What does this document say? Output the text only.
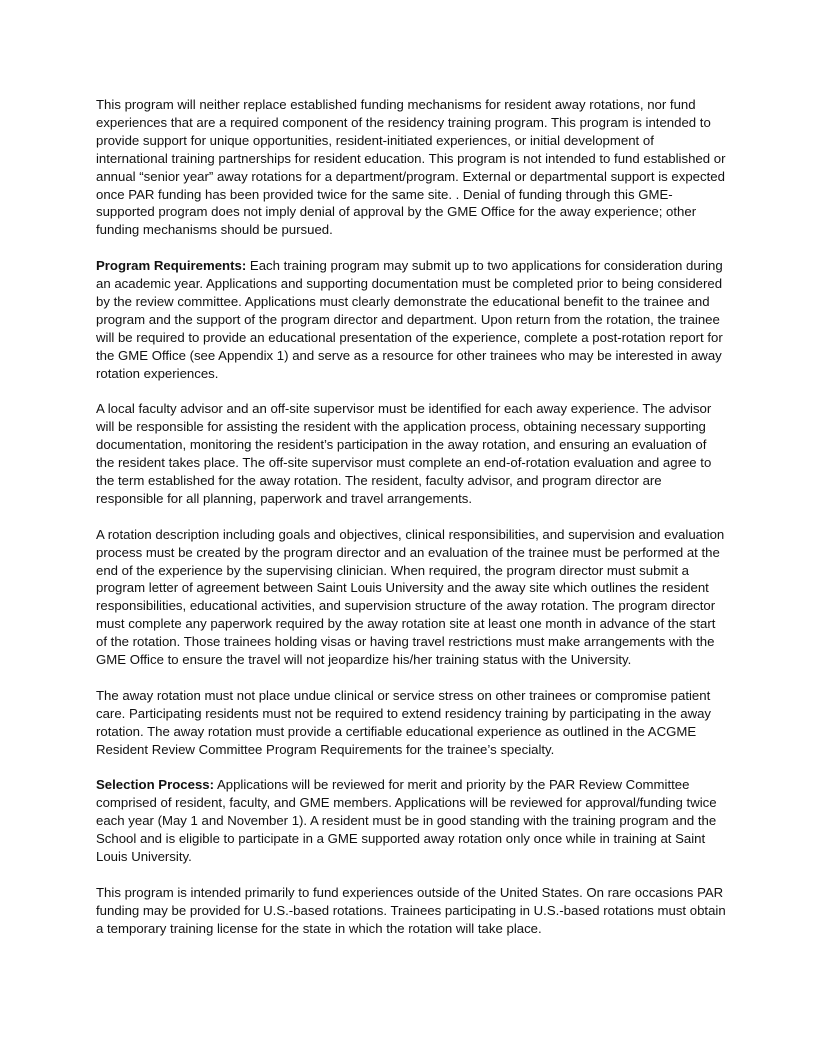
This program will neither replace established funding mechanisms for resident away rotations, nor fund experiences that are a required component of the residency training program. This program is intended to provide support for unique opportunities, resident-initiated experiences, or initial development of international training partnerships for resident education. This program is not intended to fund established or annual “senior year” away rotations for a department/program. External or departmental support is expected once PAR funding has been provided twice for the same site. . Denial of funding through this GME-supported program does not imply denial of approval by the GME Office for the away experience; other funding mechanisms should be pursued.

Program Requirements: Each training program may submit up to two applications for consideration during an academic year. Applications and supporting documentation must be completed prior to being considered by the review committee. Applications must clearly demonstrate the educational benefit to the trainee and program and the support of the program director and department. Upon return from the rotation, the trainee will be required to provide an educational presentation of the experience, complete a post-rotation report for the GME Office (see Appendix 1) and serve as a resource for other trainees who may be interested in away rotation experiences.

A local faculty advisor and an off-site supervisor must be identified for each away experience. The advisor will be responsible for assisting the resident with the application process, obtaining necessary supporting documentation, monitoring the resident’s participation in the away rotation, and ensuring an evaluation of the resident takes place. The off-site supervisor must complete an end-of-rotation evaluation and agree to the term established for the away rotation. The resident, faculty advisor, and program director are responsible for all planning, paperwork and travel arrangements.

A rotation description including goals and objectives, clinical responsibilities, and supervision and evaluation process must be created by the program director and an evaluation of the trainee must be performed at the end of the experience by the supervising clinician. When required, the program director must submit a program letter of agreement between Saint Louis University and the away site which outlines the resident responsibilities, educational activities, and supervision structure of the away rotation. The program director must complete any paperwork required by the away rotation site at least one month in advance of the start of the rotation. Those trainees holding visas or having travel restrictions must make arrangements with the GME Office to ensure the travel will not jeopardize his/her training status with the University.

The away rotation must not place undue clinical or service stress on other trainees or compromise patient care. Participating residents must not be required to extend residency training by participating in the away rotation. The away rotation must provide a certifiable educational experience as outlined in the ACGME Resident Review Committee Program Requirements for the trainee’s specialty.

Selection Process: Applications will be reviewed for merit and priority by the PAR Review Committee comprised of resident, faculty, and GME members. Applications will be reviewed for approval/funding twice each year (May 1 and November 1). A resident must be in good standing with the training program and the School and is eligible to participate in a GME supported away rotation only once while in training at Saint Louis University.

This program is intended primarily to fund experiences outside of the United States. On rare occasions PAR funding may be provided for U.S.-based rotations. Trainees participating in U.S.-based rotations must obtain a temporary training license for the state in which the rotation will take place.
